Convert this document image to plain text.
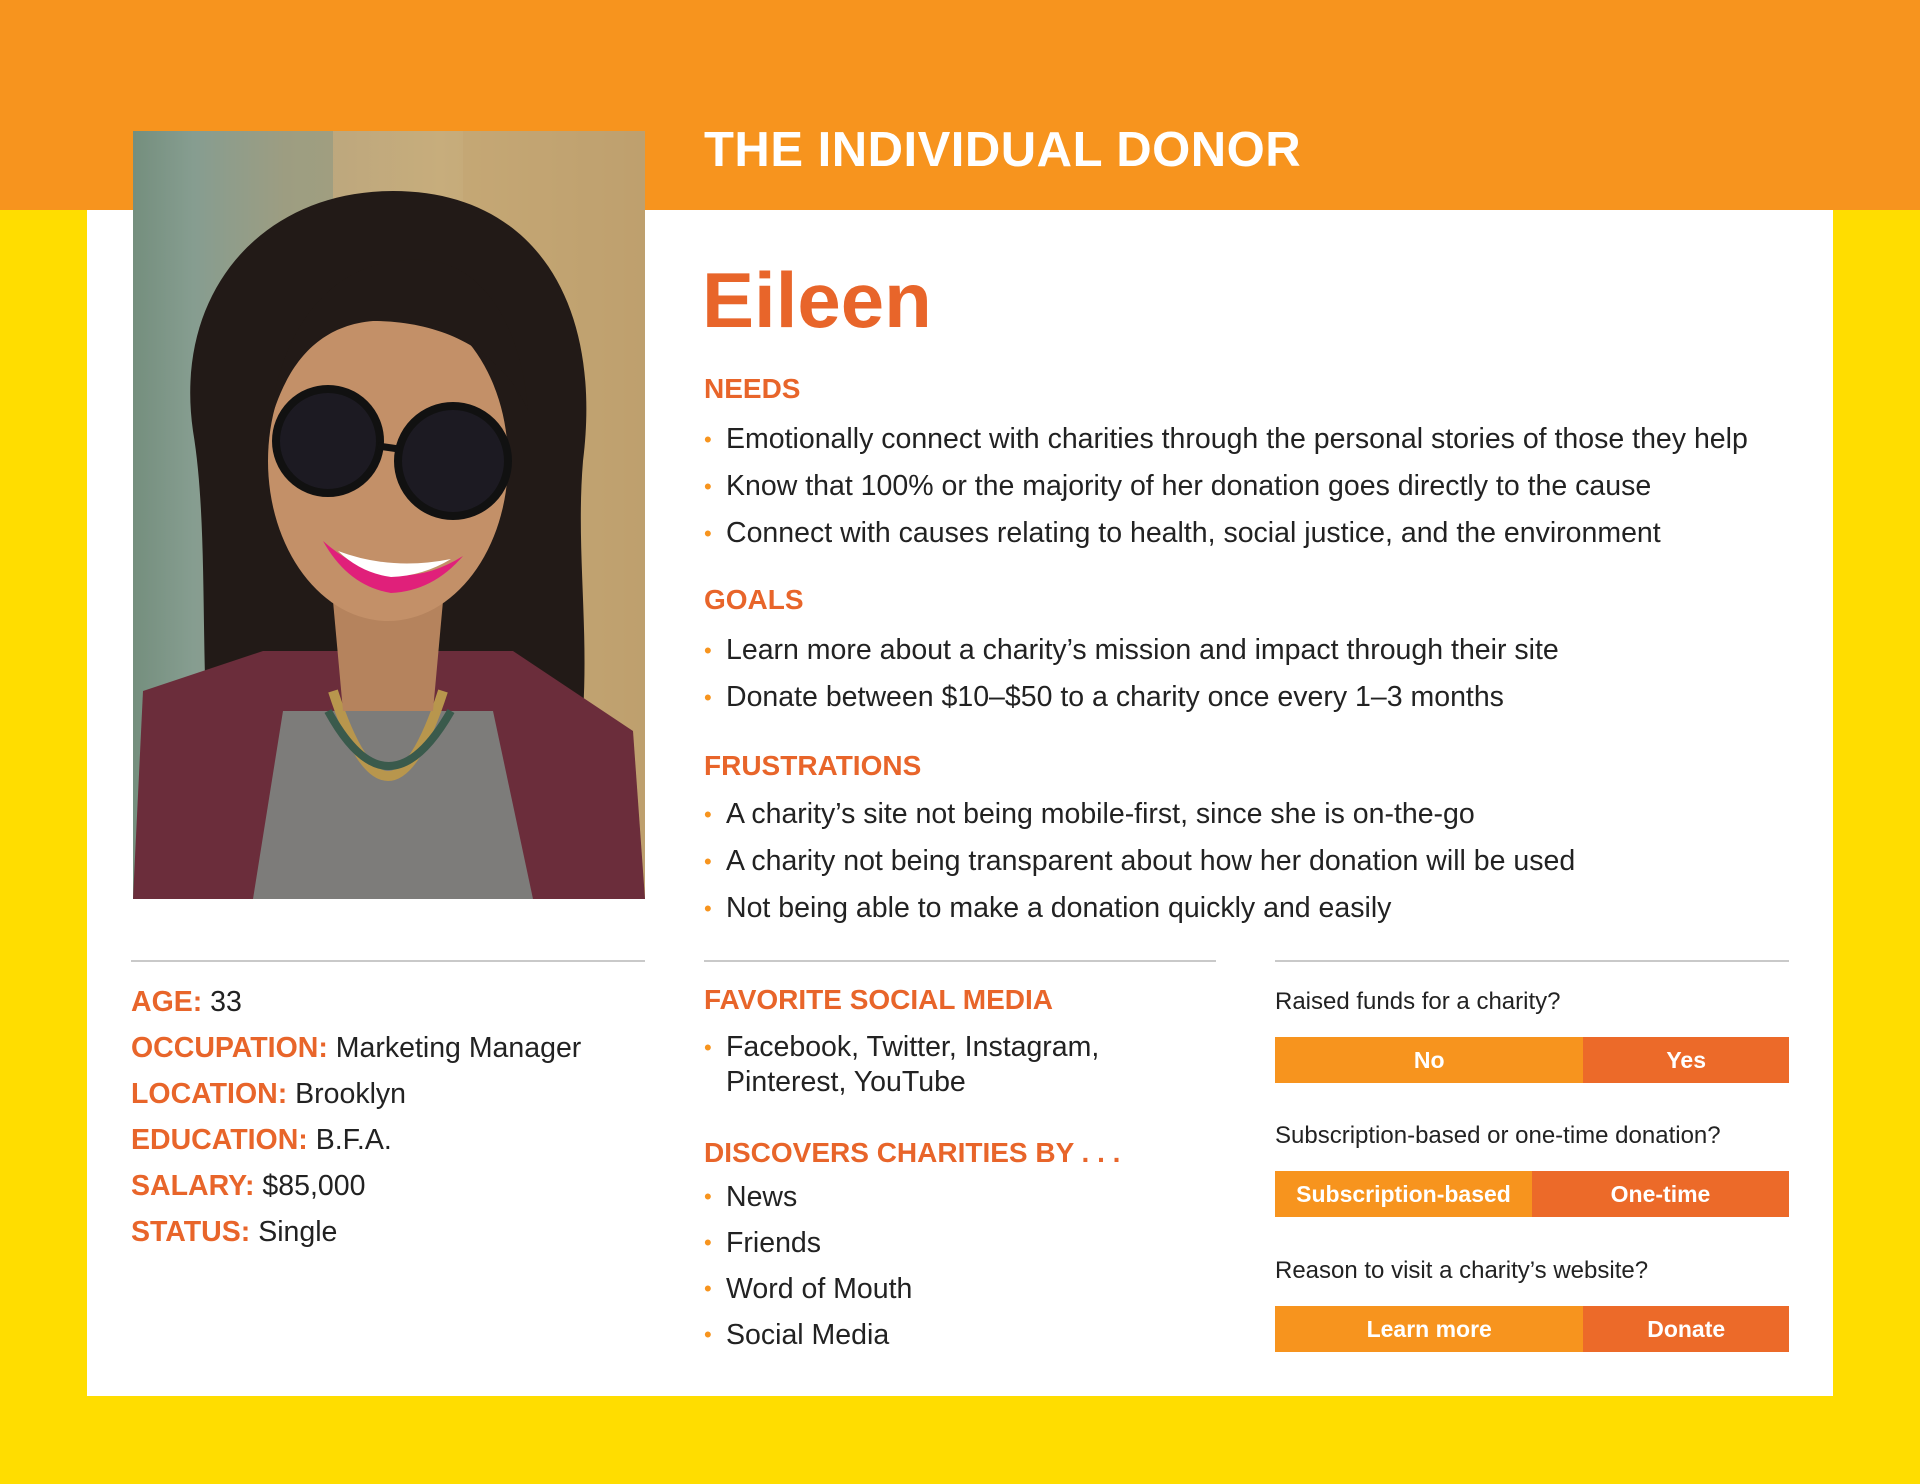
THE INDIVIDUAL DONOR
Eileen
NEEDS
• Emotionally connect with charities through the personal stories of those they help
• Know that 100% or the majority of her donation goes directly to the cause
• Connect with causes relating to health, social justice, and the environment
GOALS
• Learn more about a charity’s mission and impact through their site
• Donate between $10–$50 to a charity once every 1–3 months
FRUSTRATIONS
• A charity’s site not being mobile-first, since she is on-the-go
• A charity not being transparent about how her donation will be used
• Not being able to make a donation quickly and easily
AGE: 33
OCCUPATION: Marketing Manager
LOCATION: Brooklyn
EDUCATION: B.F.A.
SALARY: $85,000
STATUS: Single
FAVORITE SOCIAL MEDIA
• Facebook, Twitter, Instagram,
Pinterest, YouTube
DISCOVERS CHARITIES BY . . .
• News
• Friends
• Word of Mouth
• Social Media
Raised funds for a charity?
No	Yes
Subscription-based or one-time donation?
Subscription-based	One-time
Reason to visit a charity’s website?
Learn more	Donate
